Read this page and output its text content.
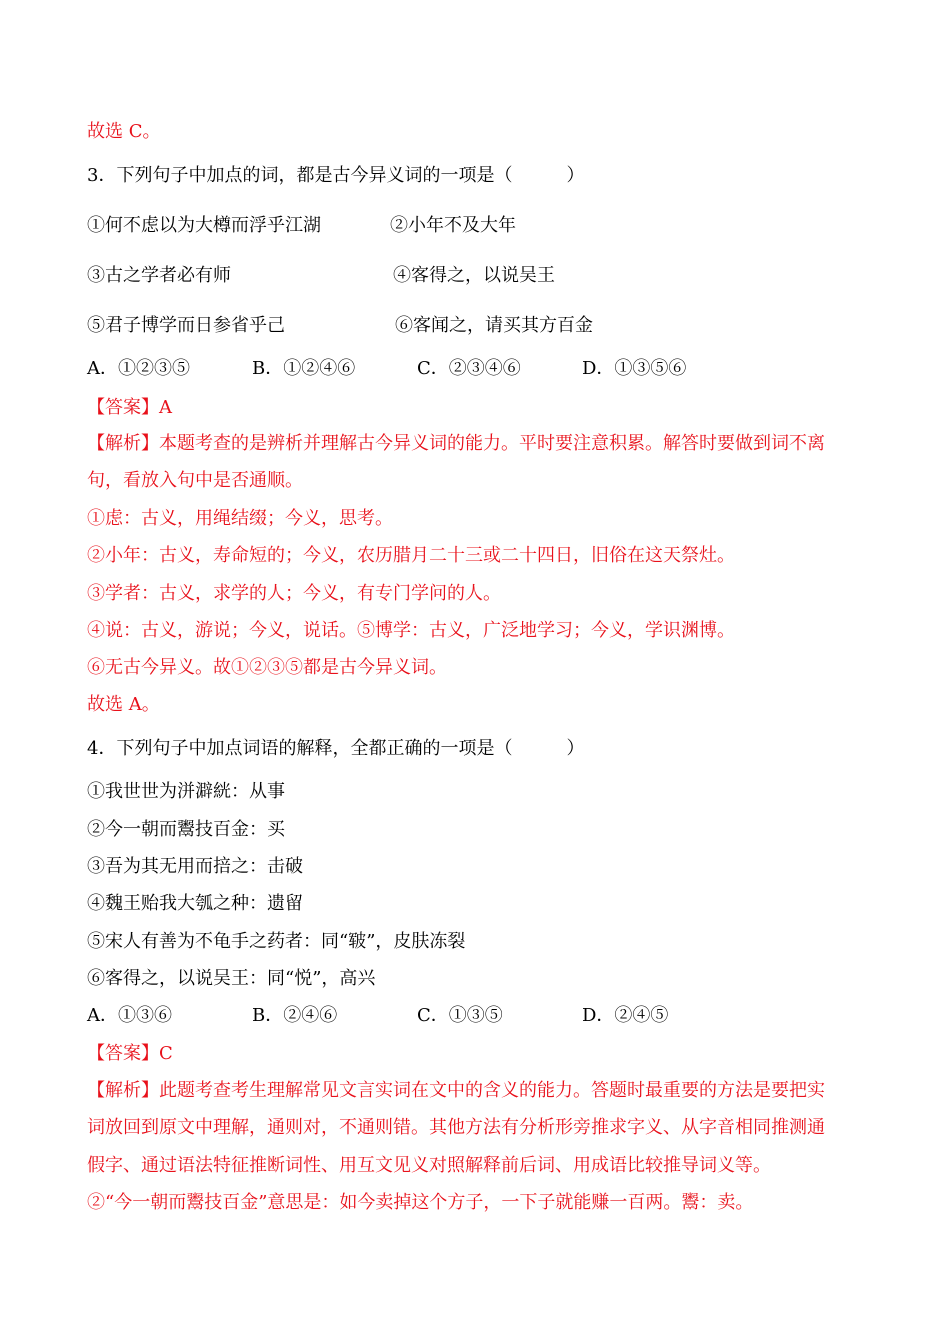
故选 C。
3．下列句子中加点的词，都是古今异义词的一项是（　　　）
①何不虑以为大樽而浮乎江湖	②小年不及大年
③古之学者必有师	④客得之，以说吴王
⑤君子博学而日参省乎己	⑥客闻之，请买其方百金
A．①②③⑤	B．①②④⑥	C．②③④⑥	D．①③⑤⑥
【答案】A
【解析】本题考查的是辨析并理解古今异义词的能力。平时要注意积累。解答时要做到词不离
句，看放入句中是否通顺。
①虑：古义，用绳结缀；今义，思考。
②小年：古义，寿命短的；今义，农历腊月二十三或二十四日，旧俗在这天祭灶。
③学者：古义，求学的人；今义，有专门学问的人。
④说：古义，游说；今义，说话。⑤博学：古义，广泛地学习；今义，学识渊博。
⑥无古今异义。故①②③⑤都是古今异义词。
故选 A。
4．下列句子中加点词语的解释，全都正确的一项是（　　　）
①我世世为洴澼絖：从事
②今一朝而鬻技百金：买
③吾为其无用而掊之：击破
④魏王贻我大瓠之种：遗留
⑤宋人有善为不龟手之药者：同“皲”，皮肤冻裂
⑥客得之，以说吴王：同“悦”，高兴
A．①③⑥	B．②④⑥	C．①③⑤	D．②④⑤
【答案】C
【解析】此题考查考生理解常见文言实词在文中的含义的能力。答题时最重要的方法是要把实
词放回到原文中理解，通则对，不通则错。其他方法有分析形旁推求字义、从字音相同推测通
假字、通过语法特征推断词性、用互文见义对照解释前后词、用成语比较推导词义等。
②“今一朝而鬻技百金”意思是：如今卖掉这个方子，一下子就能赚一百两。鬻：卖。
